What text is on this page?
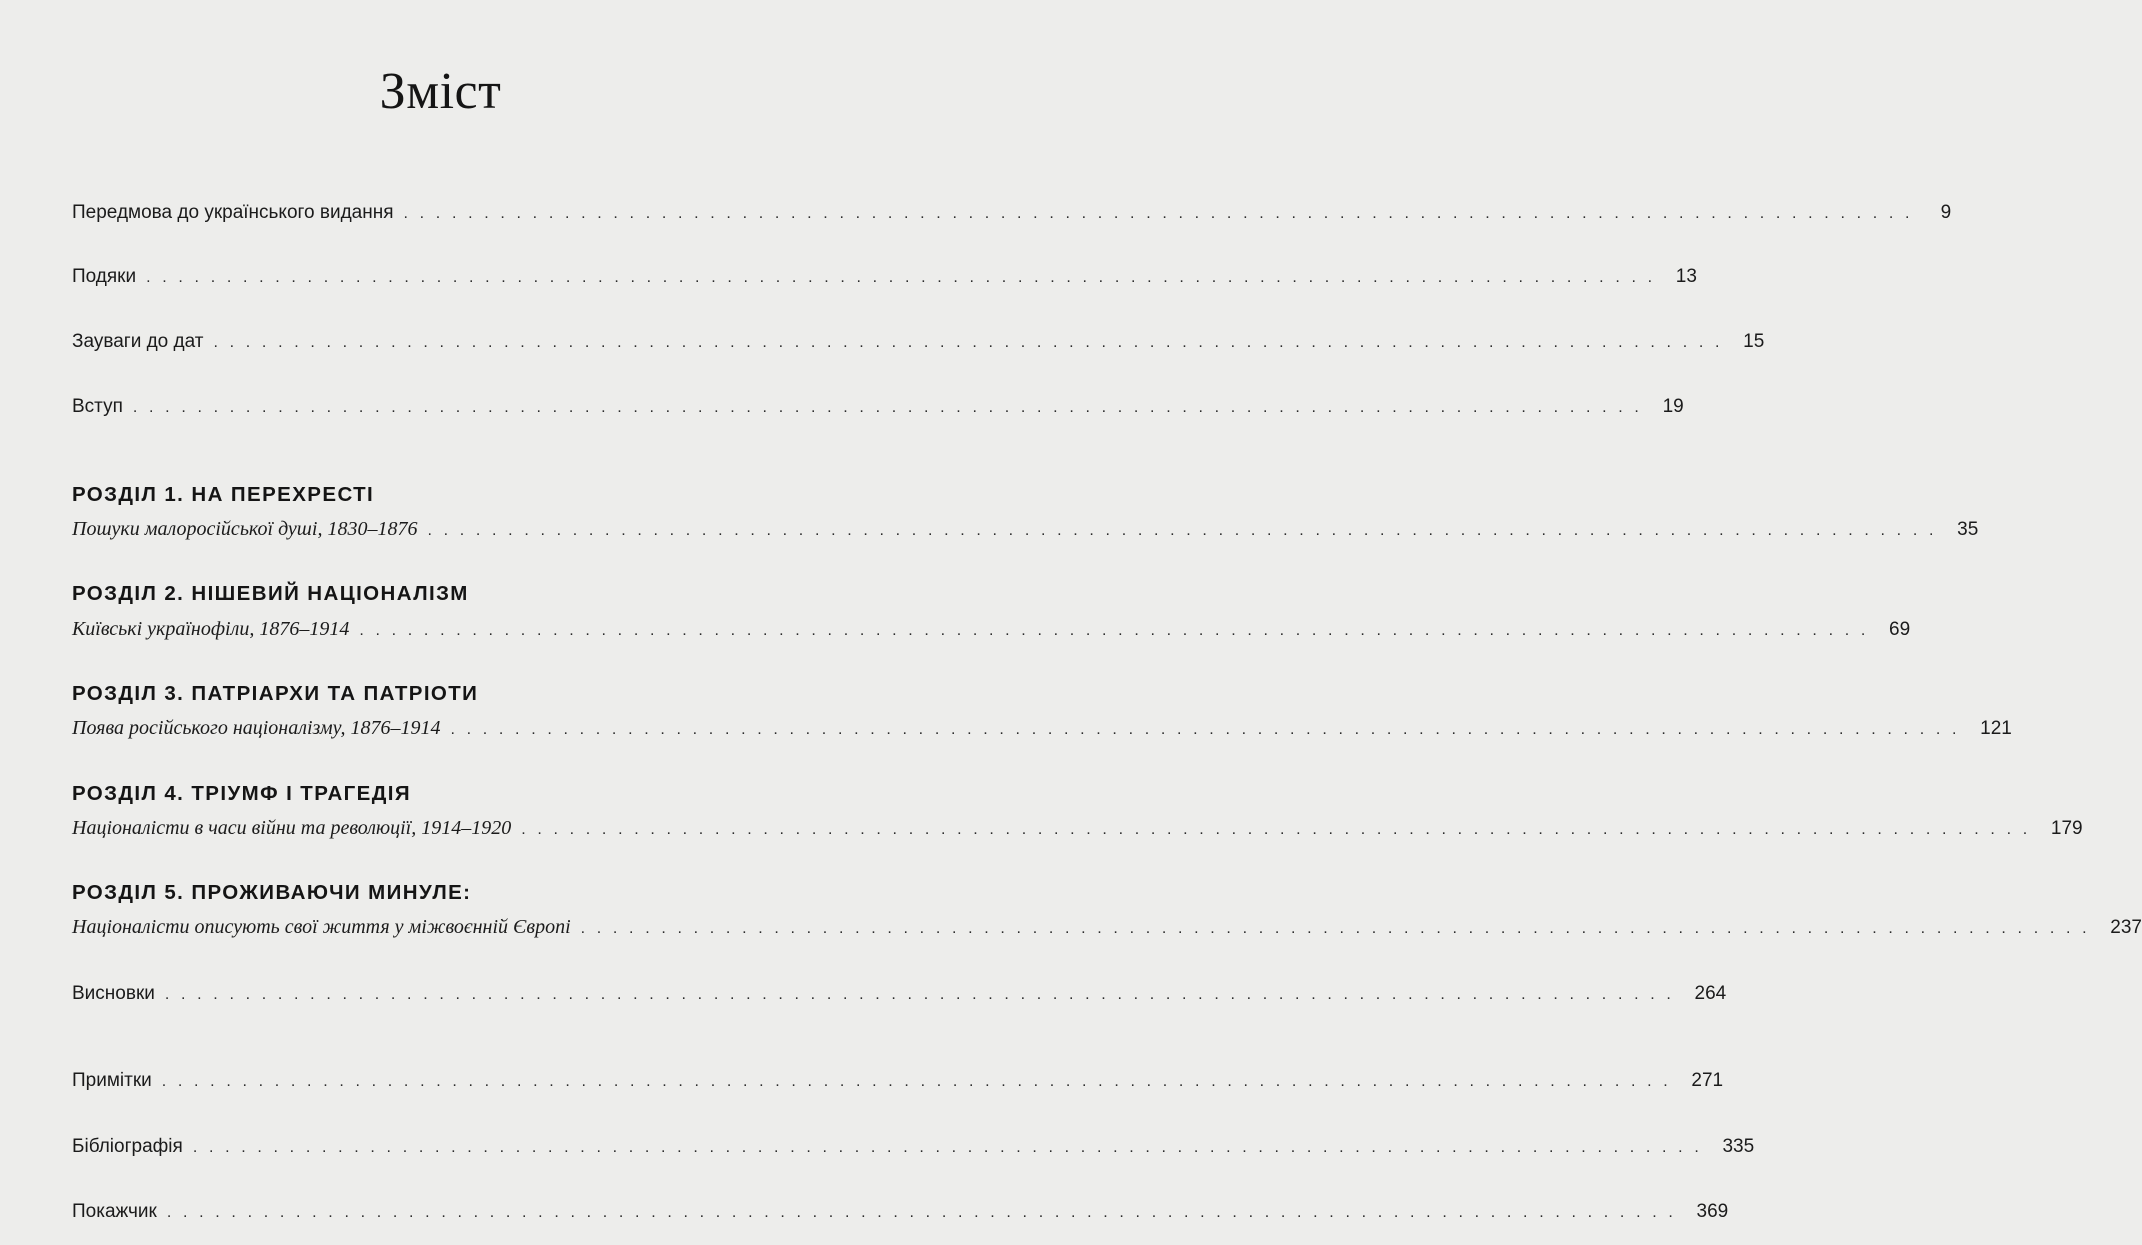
Зміст
Передмова до українського видання ..............................................................................................	9
Подяки .............................................................................................. 13
Зауваги до дат .............................................................................................. 15
Вступ .............................................................................................. 19
РОЗДІЛ 1. НА ПЕРЕХРЕСТІ
Пошуки малоросійської душі, 1830–1876 .............................................................................................. 35
РОЗДІЛ 2. НІШЕВИЙ НАЦІОНАЛІЗМ
Київські українофіли, 1876–1914 .............................................................................................. 69
РОЗДІЛ 3. ПАТРІАРХИ ТА ПАТРІОТИ
Поява російського націоналізму, 1876–1914 .............................................................................................. 121
РОЗДІЛ 4. ТРІУМФ І ТРАГЕДІЯ
Націоналісти в часи війни та революції, 1914–1920 .............................................................................................. 179
РОЗДІЛ 5. ПРОЖИВАЮЧИ МИНУЛЕ:
Націоналісти описують свої життя у міжвоєнній Європі .............................................................................................. 237
Висновки .............................................................................................. 264
Примітки .............................................................................................. 271
Бібліографія .............................................................................................. 335
Покажчик .............................................................................................. 369
